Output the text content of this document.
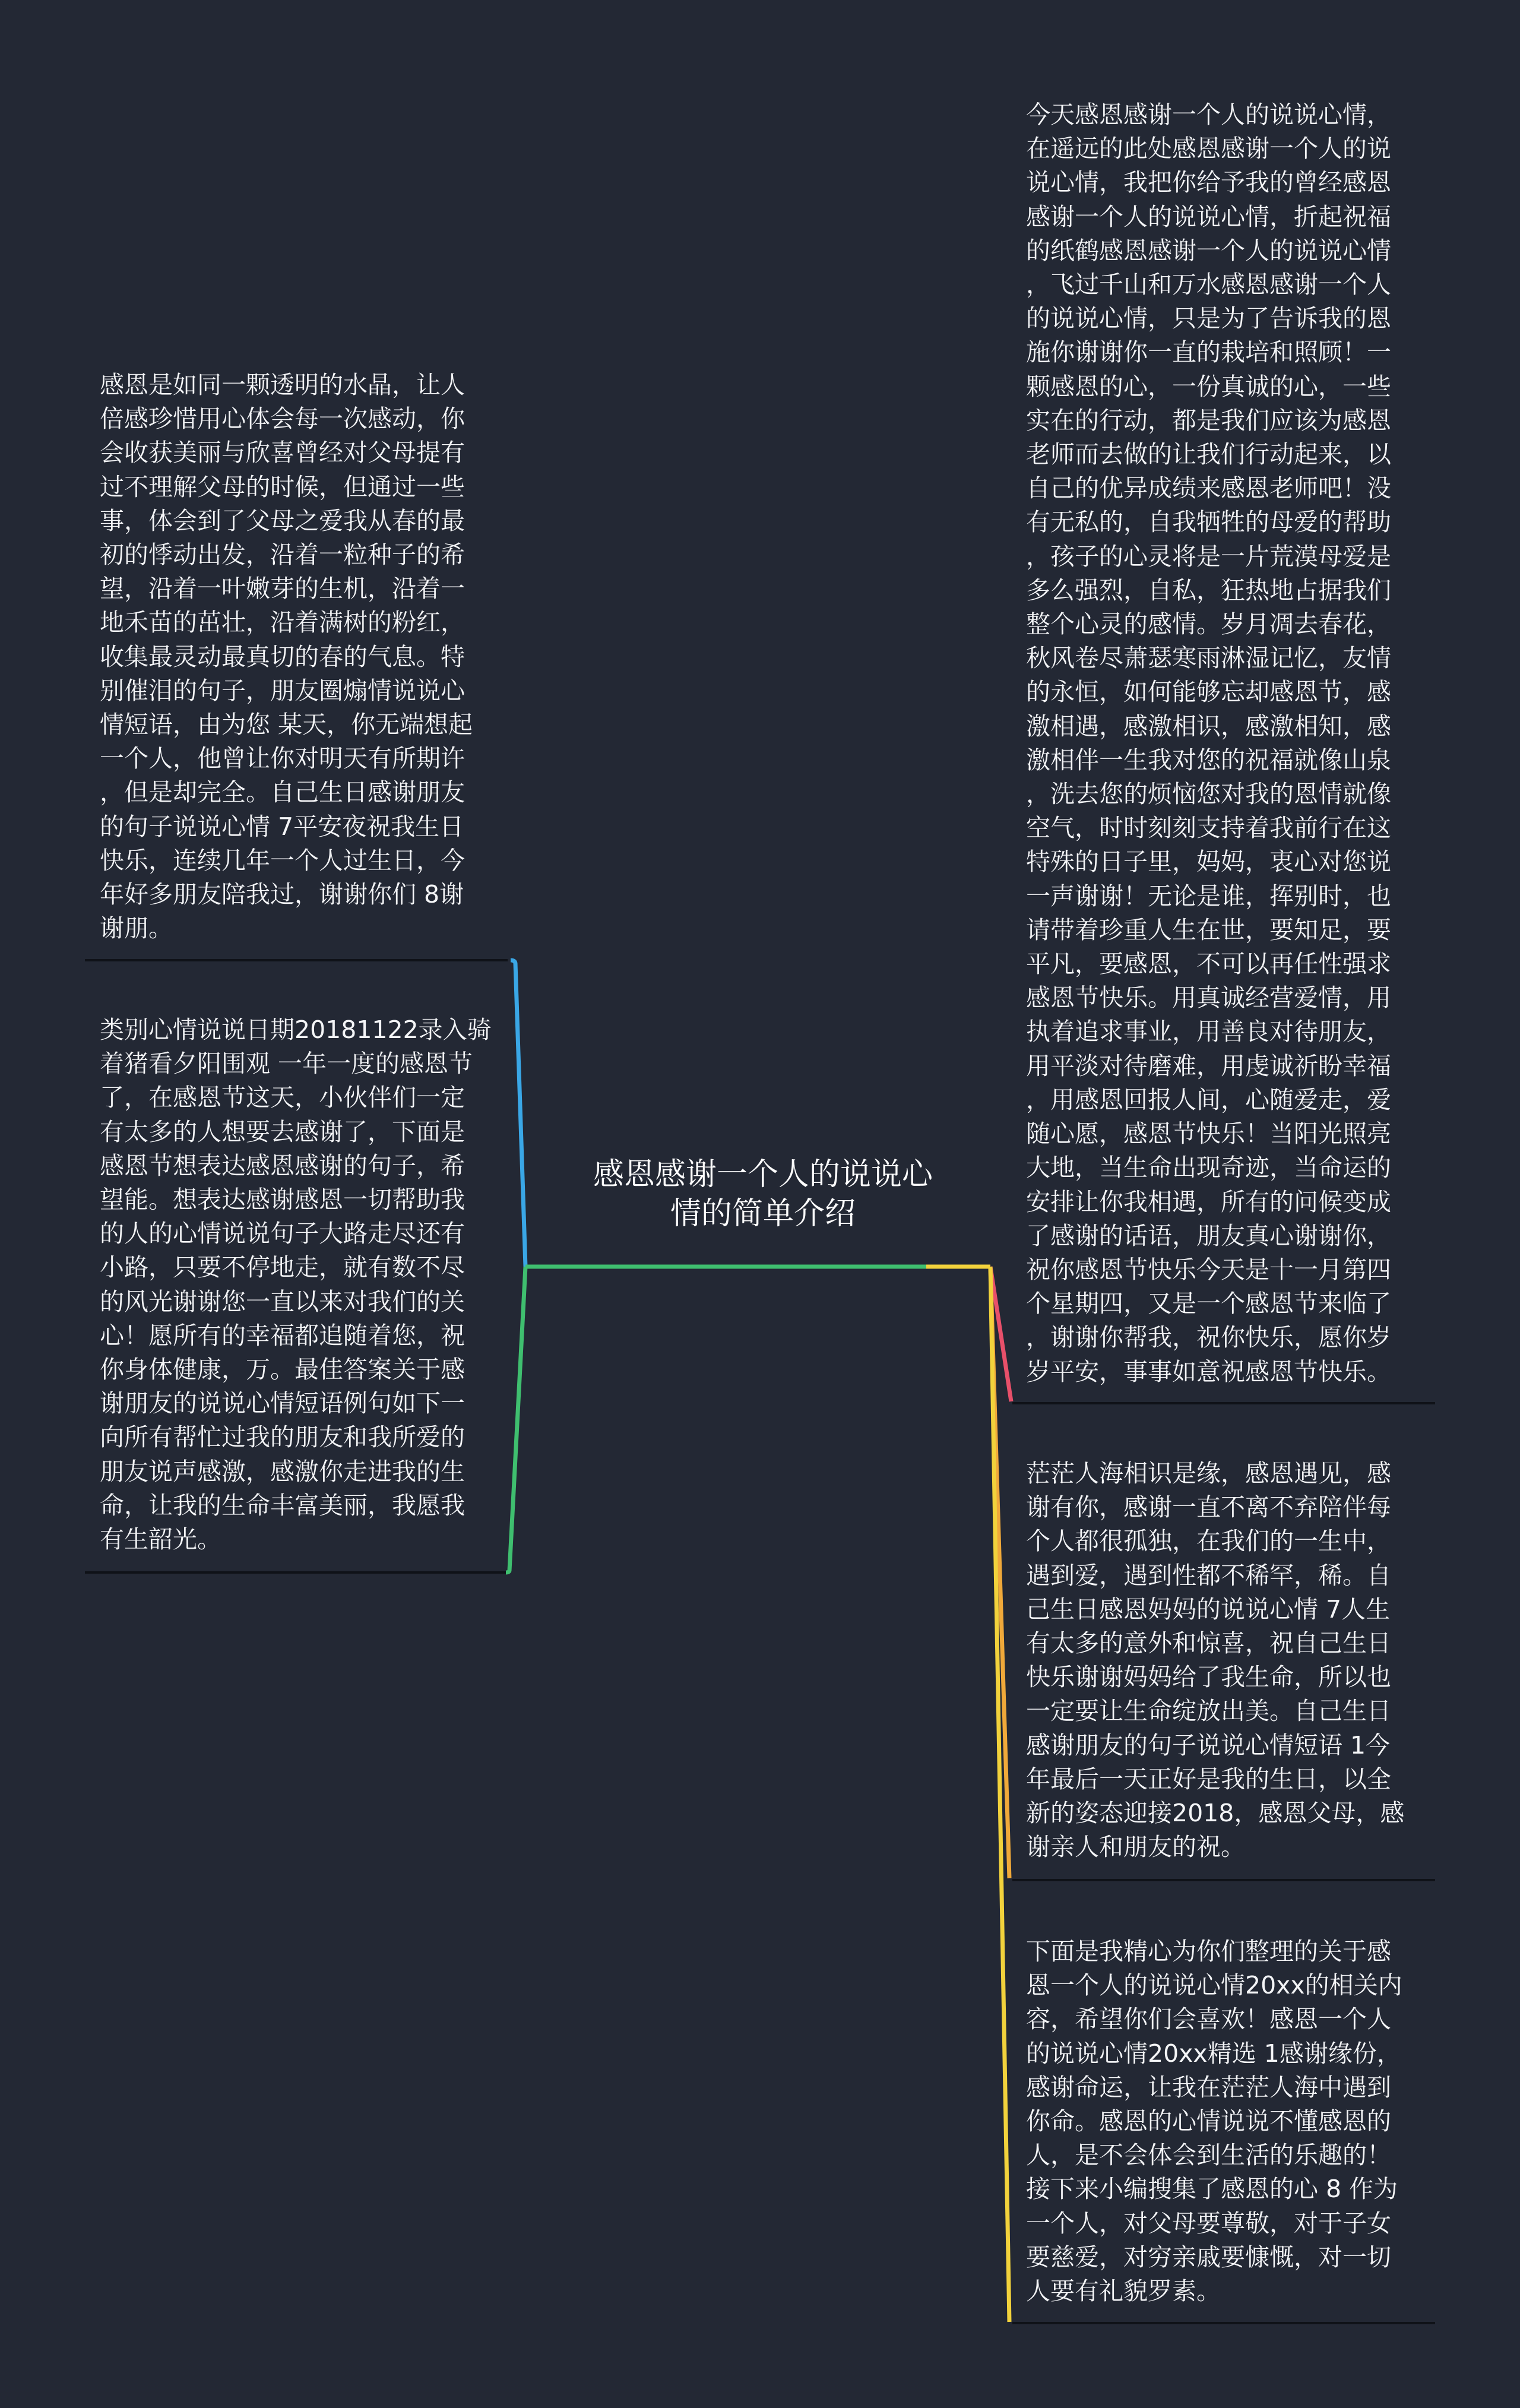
感恩感谢一个人的说说心
情的简单介绍
感恩是如同一颗透明的水晶，让人
倍感珍惜用心体会每一次感动，你
会收获美丽与欣喜曾经对父母提有
过不理解父母的时候，但通过一些
事，体会到了父母之爱我从春的最
初的悸动出发，沿着一粒种子的希
望，沿着一叶嫩芽的生机，沿着一
地禾苗的茁壮，沿着满树的粉红，
收集最灵动最真切的春的气息。特
别催泪的句子，朋友圈煽情说说心
情短语，由为您 某天，你无端想起
一个人，他曾让你对明天有所期许
，但是却完全。自己生日感谢朋友
的句子说说心情 7平安夜祝我生日
快乐，连续几年一个人过生日，今
年好多朋友陪我过，谢谢你们 8谢
谢朋。
类别心情说说日期20181122录入骑
着猪看夕阳围观 一年一度的感恩节
了，在感恩节这天，小伙伴们一定
有太多的人想要去感谢了，下面是
感恩节想表达感恩感谢的句子，希
望能。想表达感谢感恩一切帮助我
的人的心情说说句子大路走尽还有
小路，只要不停地走，就有数不尽
的风光谢谢您一直以来对我们的关
心！愿所有的幸福都追随着您，祝
你身体健康，万。最佳答案关于感
谢朋友的说说心情短语例句如下一
向所有帮忙过我的朋友和我所爱的
朋友说声感激，感激你走进我的生
命，让我的生命丰富美丽，我愿我
有生韶光。
今天感恩感谢一个人的说说心情，
在遥远的此处感恩感谢一个人的说
说心情，我把你给予我的曾经感恩
感谢一个人的说说心情，折起祝福
的纸鹤感恩感谢一个人的说说心情
，飞过千山和万水感恩感谢一个人
的说说心情，只是为了告诉我的恩
施你谢谢你一直的栽培和照顾！一
颗感恩的心，一份真诚的心，一些
实在的行动，都是我们应该为感恩
老师而去做的让我们行动起来，以
自己的优异成绩来感恩老师吧！没
有无私的，自我牺牲的母爱的帮助
，孩子的心灵将是一片荒漠母爱是
多么强烈，自私，狂热地占据我们
整个心灵的感情。岁月凋去春花，
秋风卷尽萧瑟寒雨淋湿记忆，友情
的永恒，如何能够忘却感恩节，感
激相遇，感激相识，感激相知，感
激相伴一生我对您的祝福就像山泉
，洗去您的烦恼您对我的恩情就像
空气，时时刻刻支持着我前行在这
特殊的日子里，妈妈，衷心对您说
一声谢谢！无论是谁，挥别时，也
请带着珍重人生在世，要知足，要
平凡，要感恩，不可以再任性强求
感恩节快乐。用真诚经营爱情，用
执着追求事业，用善良对待朋友，
用平淡对待磨难，用虔诚祈盼幸福
，用感恩回报人间，心随爱走，爱
随心愿，感恩节快乐！当阳光照亮
大地，当生命出现奇迹，当命运的
安排让你我相遇，所有的问候变成
了感谢的话语，朋友真心谢谢你，
祝你感恩节快乐今天是十一月第四
个星期四，又是一个感恩节来临了
，谢谢你帮我，祝你快乐，愿你岁
岁平安，事事如意祝感恩节快乐。
茫茫人海相识是缘，感恩遇见，感
谢有你，感谢一直不离不弃陪伴每
个人都很孤独，在我们的一生中，
遇到爱，遇到性都不稀罕，稀。自
己生日感恩妈妈的说说心情 7人生
有太多的意外和惊喜，祝自己生日
快乐谢谢妈妈给了我生命，所以也
一定要让生命绽放出美。自己生日
感谢朋友的句子说说心情短语 1今
年最后一天正好是我的生日，以全
新的姿态迎接2018，感恩父母，感
谢亲人和朋友的祝。
下面是我精心为你们整理的关于感
恩一个人的说说心情20xx的相关内
容，希望你们会喜欢！感恩一个人
的说说心情20xx精选 1感谢缘份，
感谢命运，让我在茫茫人海中遇到
你命。感恩的心情说说不懂感恩的
人，是不会体会到生活的乐趣的！
接下来小编搜集了感恩的心 8 作为
一个人，对父母要尊敬，对于子女
要慈爱，对穷亲戚要慷慨，对一切
人要有礼貌罗素。
